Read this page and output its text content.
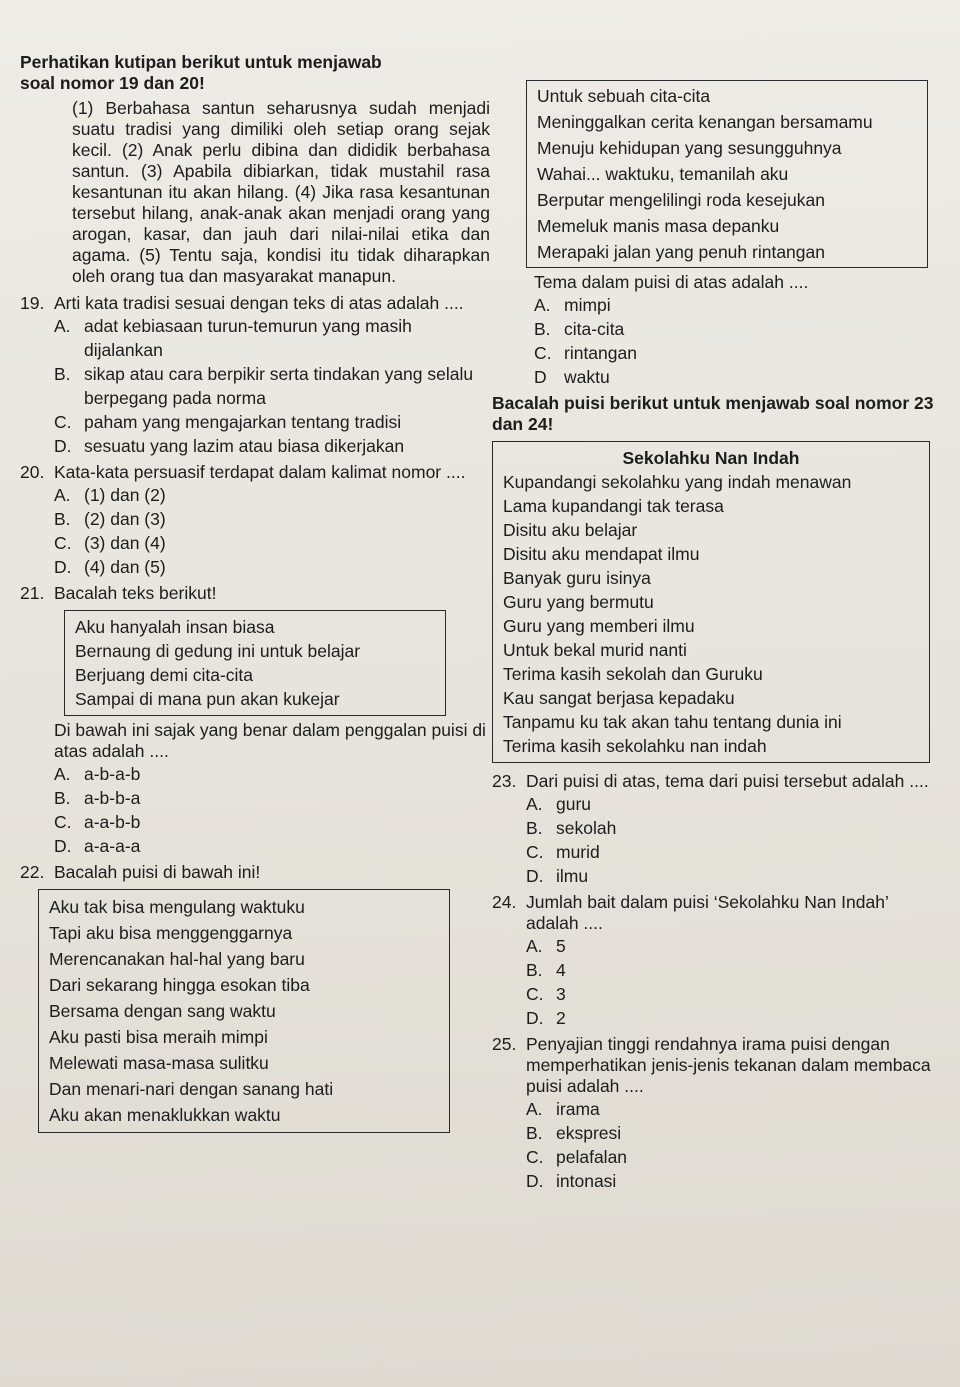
Perhatikan kutipan berikut untuk menjawab

soal nomor 19 dan 20!

(1) Berbahasa santun seharusnya sudah menjadi suatu tradisi yang dimiliki oleh setiap orang sejak kecil. (2) Anak perlu dibina dan dididik berbahasa santun. (3) Apabila dibiarkan, tidak mustahil rasa kesantunan itu akan hilang. (4) Jika rasa kesantunan tersebut hilang, anak-anak akan menjadi orang yang arogan, kasar, dan jauh dari nilai-nilai etika dan agama. (5) Tentu saja, kondisi itu tidak diharapkan oleh orang tua dan masyarakat manapun.

19. Arti kata tradisi sesuai dengan teks di atas adalah ....
A. adat kebiasaan turun-temurun yang masih dijalankan
B. sikap atau cara berpikir serta tindakan yang selalu berpegang pada norma
C. paham yang mengajarkan tentang tradisi
D. sesuatu yang lazim atau biasa dikerjakan
20. Kata-kata persuasif terdapat dalam kalimat nomor ....
A. (1) dan (2)
B. (2) dan (3)
C. (3) dan (4)
D. (4) dan (5)
21. Bacalah teks berikut!
Aku hanyalah insan biasa
Bernaung di gedung ini untuk belajar
Berjuang demi cita-cita
Sampai di mana pun akan kukejar

Di bawah ini sajak yang benar dalam penggalan puisi di atas adalah ....

A. a-b-a-b
B. a-b-b-a
C. a-a-b-b
D. a-a-a-a
22. Bacalah puisi di bawah ini!
Aku tak bisa mengulang waktuku
Tapi aku bisa menggenggarnya
Merencanakan hal-hal yang baru
Dari sekarang hingga esokan tiba
Bersama dengan sang waktu
Aku pasti bisa meraih mimpi
Melewati masa-masa sulitku
Dan menari-nari dengan sanang hati
Aku akan menaklukkan waktu
Untuk sebuah cita-cita
Meninggalkan cerita kenangan bersamamu
Menuju kehidupan yang sesungguhnya
Wahai... waktuku, temanilah aku
Berputar mengelilingi roda kesejukan
Memeluk manis masa depanku
Merapaki jalan yang penuh rintangan

Tema dalam puisi di atas adalah ....

A. mimpi
B. cita-cita
C. rintangan
D waktu

Bacalah puisi berikut untuk menjawab soal nomor 23 dan 24!

Sekolahku Nan Indah
Kupandangi sekolahku yang indah menawan
Lama kupandangi tak terasa
Disitu aku belajar
Disitu aku mendapat ilmu
Banyak guru isinya
Guru yang bermutu
Guru yang memberi ilmu
Untuk bekal murid nanti
Terima kasih sekolah dan Guruku
Kau sangat berjasa kepadaku
Tanpamu ku tak akan tahu tentang dunia ini
Terima kasih sekolahku nan indah
23. Dari puisi di atas, tema dari puisi tersebut adalah ....
A. guru
B. sekolah
C. murid
D. ilmu
24. Jumlah bait dalam puisi ‘Sekolahku Nan Indah’ adalah ....
A. 5
B. 4
C. 3
D. 2
25. Penyajian tinggi rendahnya irama puisi dengan memperhatikan jenis-jenis tekanan dalam membaca puisi adalah ....
A. irama
B. ekspresi
C. pelafalan
D. intonasi
